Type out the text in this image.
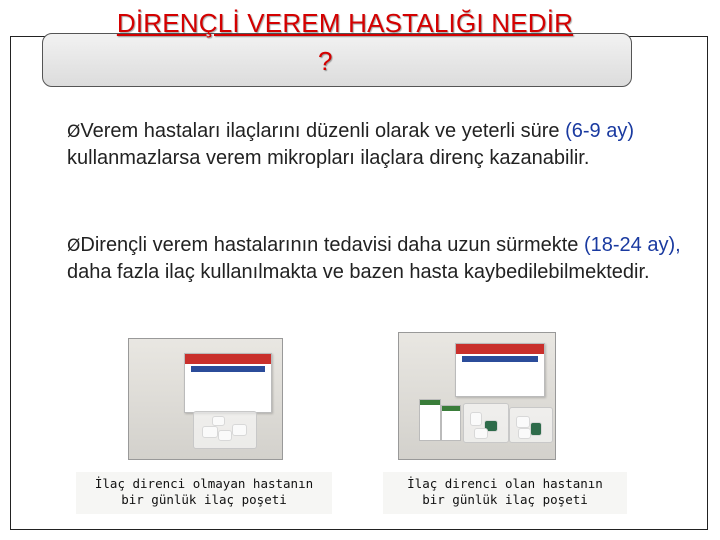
DİRENÇLİ VEREM HASTALIĞI NEDİR
?
ØVerem hastaları ilaçlarını düzenli olarak ve yeterli süre (6-9 ay) kullanmazlarsa verem mikropları ilaçlara direnç kazanabilir.
ØDirençli verem hastalarının tedavisi daha uzun sürmekte (18-24 ay), daha fazla ilaç kullanılmakta ve bazen hasta kaybedilebilmektedir.
İlaç direnci olmayan hastanın
bir günlük ilaç poşeti
İlaç direnci olan hastanın
bir günlük ilaç poşeti
